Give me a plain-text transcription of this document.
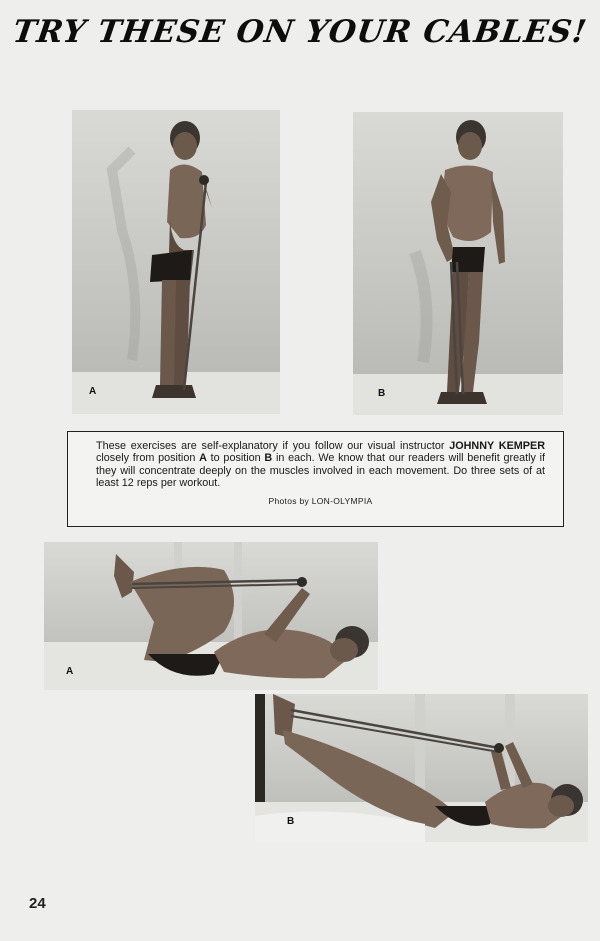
TRY THESE ON YOUR CABLES!
A	B

These exercises are self-explanatory if you follow our visual instructor JOHNNY KEMPER closely from position A to position B in each. We know that our readers will benefit greatly if they will concentrate deeply on the muscles involved in each movement. Do three sets of at least 12 reps per workout.

Photos by LON-OLYMPIA
A
B
24
